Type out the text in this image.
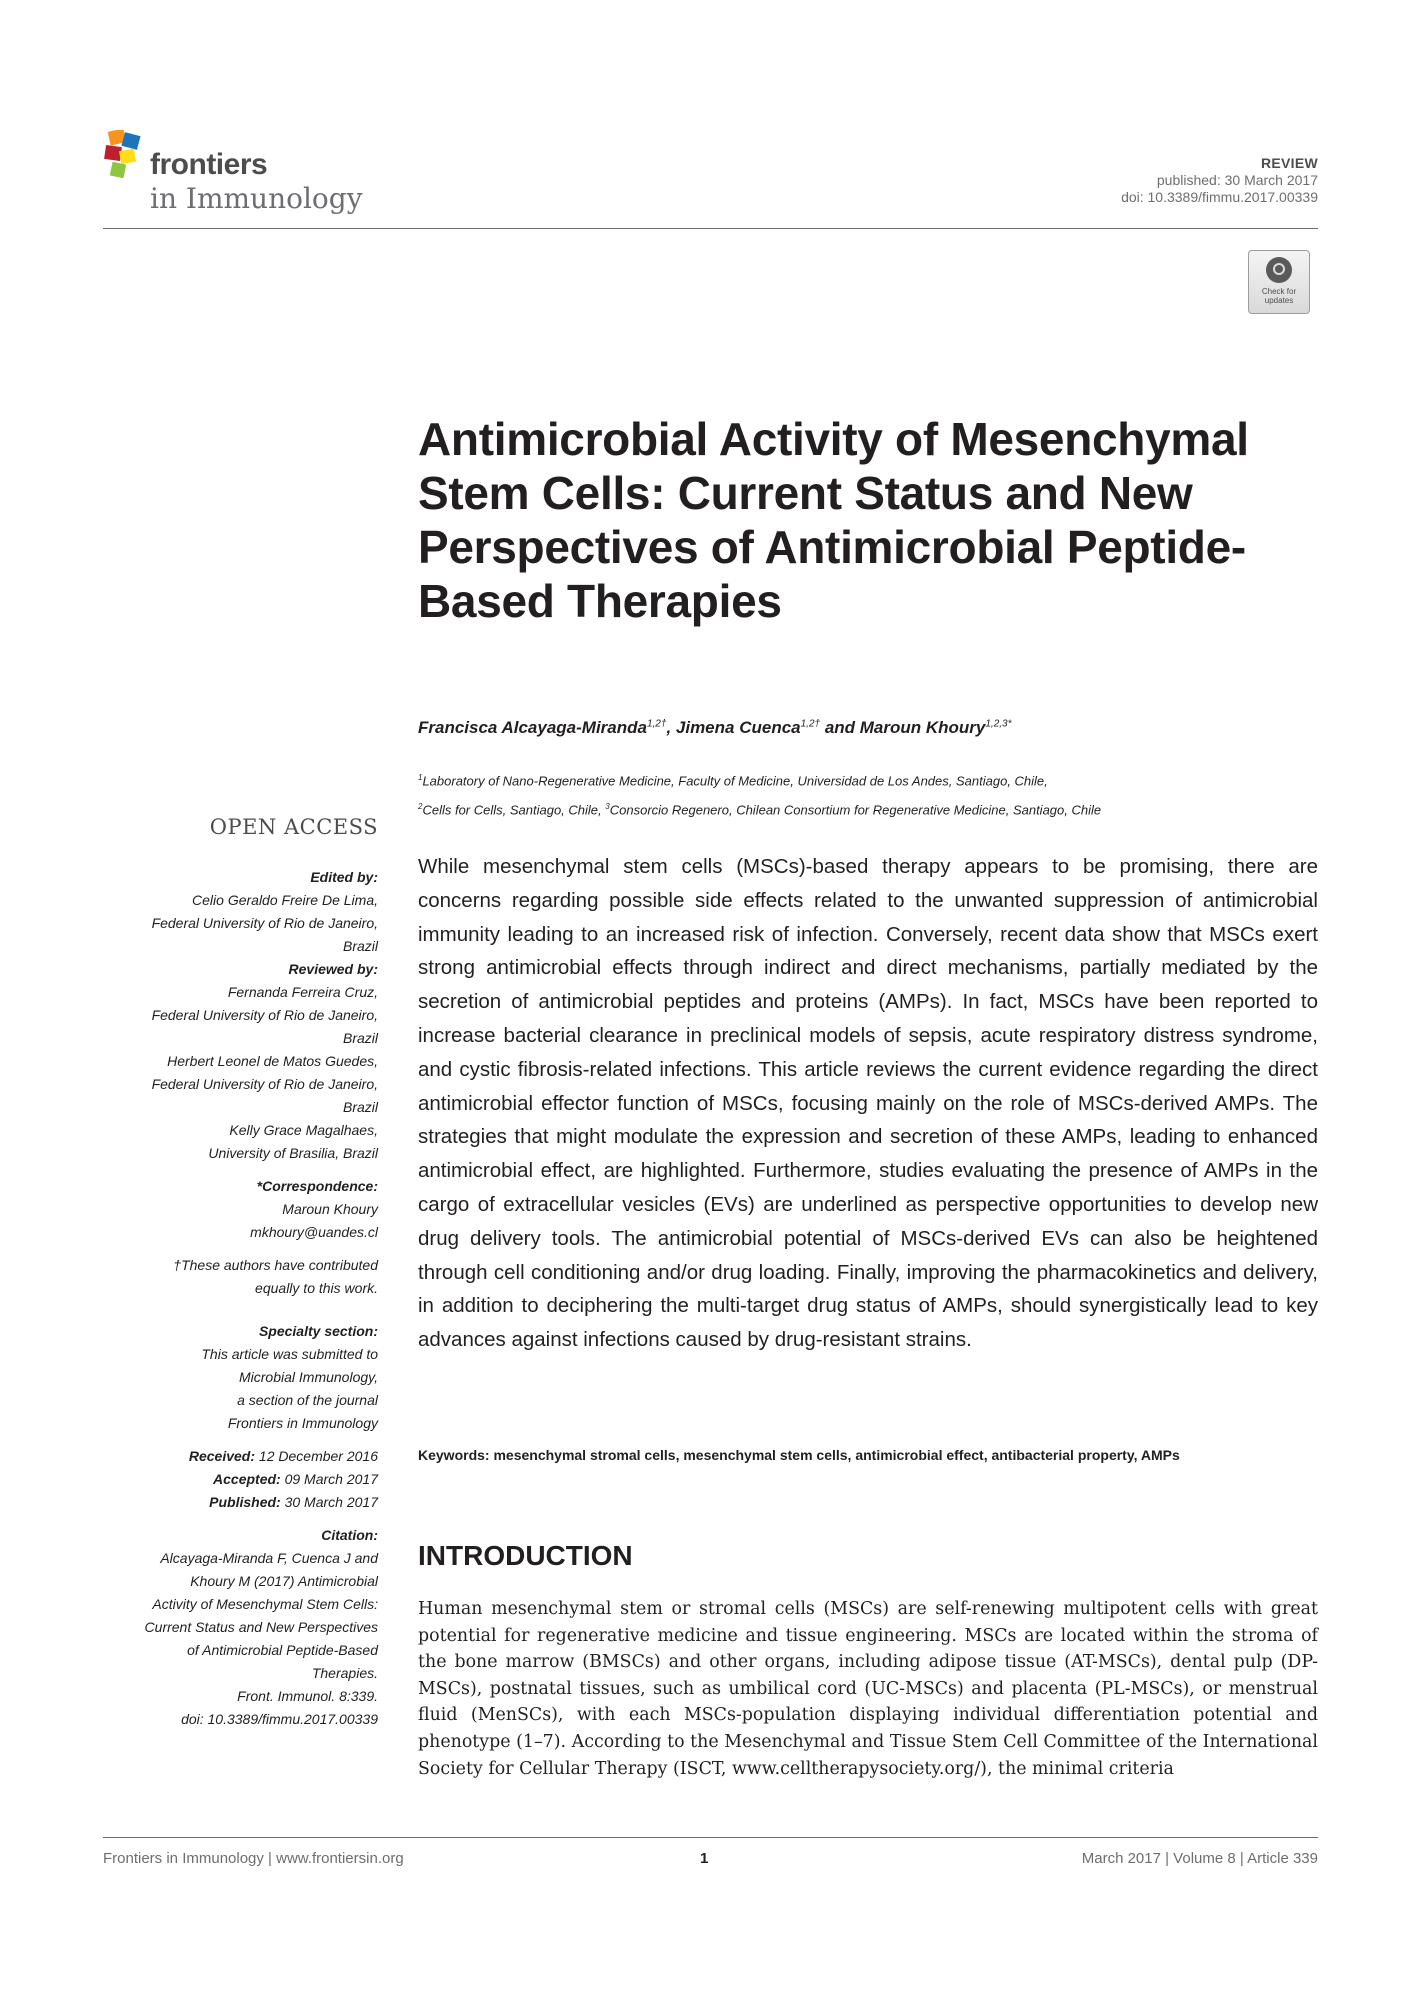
frontiers
in Immunology
REVIEW
published: 30 March 2017
doi: 10.3389/fimmu.2017.00339
Check for updates
Antimicrobial Activity of Mesenchymal Stem Cells: Current Status and New Perspectives of Antimicrobial Peptide-Based Therapies
Francisca Alcayaga-Miranda$^{1,2\dagger}$, Jimena Cuenca$^{1,2\dagger}$ and Maroun Khoury$^{1,2,3*}$
$^1$Laboratory of Nano-Regenerative Medicine, Faculty of Medicine, Universidad de Los Andes, Santiago, Chile,
$^2$Cells for Cells, Santiago, Chile, $^3$Consorcio Regenero, Chilean Consortium for Regenerative Medicine, Santiago, Chile
OPEN ACCESS
Edited by:
Celio Geraldo Freire De Lima,
Federal University of Rio de Janeiro,
Brazil
Reviewed by:
Fernanda Ferreira Cruz,
Federal University of Rio de Janeiro,
Brazil
Herbert Leonel de Matos Guedes,
Federal University of Rio de Janeiro,
Brazil
Kelly Grace Magalhaes,
University of Brasilia, Brazil
*Correspondence:
Maroun Khoury
mkhoury@uandes.cl
†These authors have contributed
equally to this work.
Specialty section:
This article was submitted to
Microbial Immunology,
a section of the journal
Frontiers in Immunology
Received: 12 December 2016
Accepted: 09 March 2017
Published: 30 March 2017
Citation:
Alcayaga-Miranda F, Cuenca J and
Khoury M (2017) Antimicrobial
Activity of Mesenchymal Stem Cells:
Current Status and New Perspectives
of Antimicrobial Peptide-Based
Therapies.
Front. Immunol. 8:339.
doi: 10.3389/fimmu.2017.00339

While mesenchymal stem cells (MSCs)-based therapy appears to be promising, there are concerns regarding possible side effects related to the unwanted suppression of antimicrobial immunity leading to an increased risk of infection. Conversely, recent data show that MSCs exert strong antimicrobial effects through indirect and direct mechanisms, partially mediated by the secretion of antimicrobial peptides and proteins (AMPs). In fact, MSCs have been reported to increase bacterial clearance in preclinical models of sepsis, acute respiratory distress syndrome, and cystic fibrosis-related infections. This article reviews the current evidence regarding the direct antimicrobial effector function of MSCs, focusing mainly on the role of MSCs-derived AMPs. The strategies that might modulate the expression and secretion of these AMPs, leading to enhanced antimicrobial effect, are highlighted. Furthermore, studies evaluating the presence of AMPs in the cargo of extracellular vesicles (EVs) are underlined as perspective opportunities to develop new drug delivery tools. The antimicrobial potential of MSCs-derived EVs can also be heightened through cell conditioning and/or drug loading. Finally, improving the pharmacokinetics and delivery, in addition to deciphering the multi-target drug status of AMPs, should synergistically lead to key advances against infections caused by drug-resistant strains.

Keywords: mesenchymal stromal cells, mesenchymal stem cells, antimicrobial effect, antibacterial property, AMPs
INTRODUCTION

Human mesenchymal stem or stromal cells (MSCs) are self-renewing multipotent cells with great potential for regenerative medicine and tissue engineering. MSCs are located within the stroma of the bone marrow (BMSCs) and other organs, including adipose tissue (AT-MSCs), dental pulp (DP-MSCs), postnatal tissues, such as umbilical cord (UC-MSCs) and placenta (PL-MSCs), or menstrual fluid (MenSCs), with each MSCs-population displaying individual differentiation potential and phenotype (1–7). According to the Mesenchymal and Tissue Stem Cell Committee of the International Society for Cellular Therapy (ISCT, www.celltherapysociety.org/), the minimal criteria

Frontiers in Immunology | www.frontiersin.org	1	March 2017 | Volume 8 | Article 339
